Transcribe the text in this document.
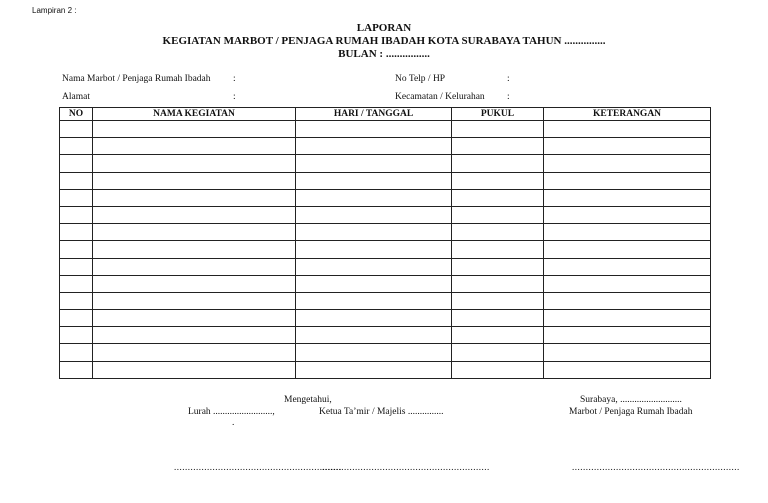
Lampiran 2 :
LAPORAN
KEGIATAN MARBOT / PENJAGA RUMAH IBADAH KOTA SURABAYA TAHUN ...............
BULAN : ................
Nama Marbot / Penjaga Rumah Ibadah :
Alamat	:
No Telp / HP	:
Kecamatan / Kelurahan :
NO	NAMA KEGIATAN	HARI / TANGGAL	PUKUL	KETERANGAN

Mengetahui,
Lurah .........................,
.
Ketua Ta’mir / Majelis ...............
Surabaya, ..........................
Marbot / Penjaga Rumah Ibadah
.............................................................
.............................................................	.............................................................
